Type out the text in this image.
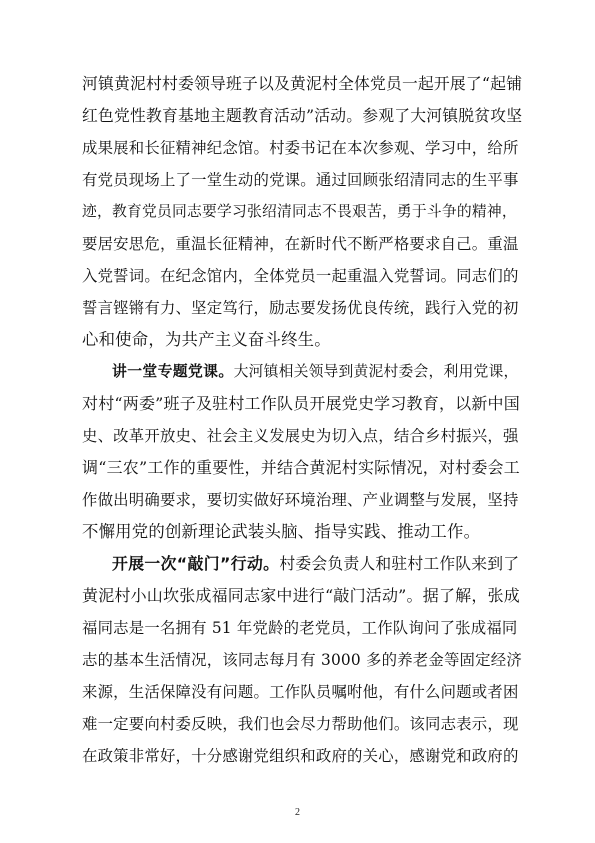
河镇黄泥村村委领导班子以及黄泥村全体党员一起开展了“起铺
红色党性教育基地主题教育活动”活动。参观了大河镇脱贫攻坚
成果展和长征精神纪念馆。村委书记在本次参观、学习中，给所
有党员现场上了一堂生动的党课。通过回顾张绍清同志的生平事
迹，教育党员同志要学习张绍清同志不畏艰苦，勇于斗争的精神，
要居安思危，重温长征精神，在新时代不断严格要求自己。重温
入党誓词。在纪念馆内，全体党员一起重温入党誓词。同志们的
誓言铿锵有力、坚定笃行，励志要发扬优良传统，践行入党的初
心和使命，为共产主义奋斗终生。
讲一堂专题党课。大河镇相关领导到黄泥村委会，利用党课，
对村“两委”班子及驻村工作队员开展党史学习教育，以新中国
史、改革开放史、社会主义发展史为切入点，结合乡村振兴，强
调“三农”工作的重要性，并结合黄泥村实际情况，对村委会工
作做出明确要求，要切实做好环境治理、产业调整与发展，坚持
不懈用党的创新理论武装头脑、指导实践、推动工作。
开展一次“敲门”行动。村委会负责人和驻村工作队来到了
黄泥村小山坎张成福同志家中进行“敲门活动”。据了解，张成
福同志是一名拥有 51 年党龄的老党员，工作队询问了张成福同
志的基本生活情况，该同志每月有 3000 多的养老金等固定经济
来源，生活保障没有问题。工作队员嘱咐他，有什么问题或者困
难一定要向村委反映，我们也会尽力帮助他们。该同志表示，现
在政策非常好，十分感谢党组织和政府的关心，感谢党和政府的
2
